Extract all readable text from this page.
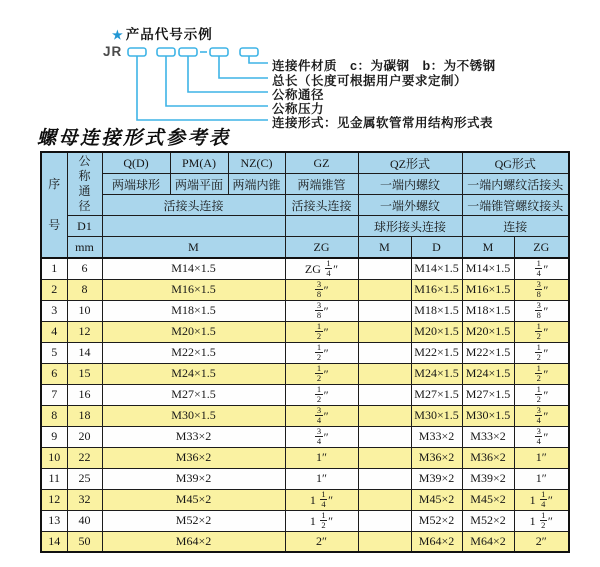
★ 产品代号示例
JR
连接件材质　c：为碳钢　b：为不锈钢
总长（长度可根据用户要求定制）
公称通径
公称压力
连接形式：见金属软管常用结构形式表
螺母连接形式参考表
序号	公称通径	Q(D)	PM(A)	NZ(C)	GZ	QZ形式		QG形式	
		两端球形	两端平面	两端内锥	两端锥管	一端内螺纹		一端内螺纹活接头	
		活接头连接			活接头连接	一端外螺纹		一端锥管螺纹接头	
	D1					球形接头连接		连接	
	mm	M			ZG	M	D	M	ZG
1	6	M14×1.5			ZG $\frac{1}{4}$ ″		M14×1.5	M14×1.5	$\frac{1}{4}$ ″
2	8	M16×1.5			$\frac{3}{8}$ ″		M16×1.5	M16×1.5	$\frac{3}{8}$ ″
3	10	M18×1.5			$\frac{3}{8}$ ″		M18×1.5	M18×1.5	$\frac{3}{8}$ ″
4	12	M20×1.5			$\frac{1}{2}$ ″		M20×1.5	M20×1.5	$\frac{1}{2}$ ″
5	14	M22×1.5			$\frac{1}{2}$ ″		M22×1.5	M22×1.5	$\frac{1}{2}$ ″
6	15	M24×1.5			$\frac{1}{2}$ ″		M24×1.5	M24×1.5	$\frac{1}{2}$ ″
7	16	M27×1.5			$\frac{1}{2}$ ″		M27×1.5	M27×1.5	$\frac{1}{2}$ ″
8	18	M30×1.5			$\frac{3}{4}$ ″		M30×1.5	M30×1.5	$\frac{3}{4}$ ″
9	20	M33×2			$\frac{3}{4}$ ″		M33×2	M33×2	$\frac{3}{4}$ ″
10	22	M36×2			1″		M36×2	M36×2	1″
11	25	M39×2			1″		M39×2	M39×2	1″
12	32	M45×2			$1 \frac{1}{4}$ ″		M45×2	M45×2	$1 \frac{1}{4}$ ″
13	40	M52×2			$1 \frac{1}{2}$ ″		M52×2	M52×2	$1 \frac{1}{2}$ ″
14	50	M64×2			2″		M64×2	M64×2	2″
